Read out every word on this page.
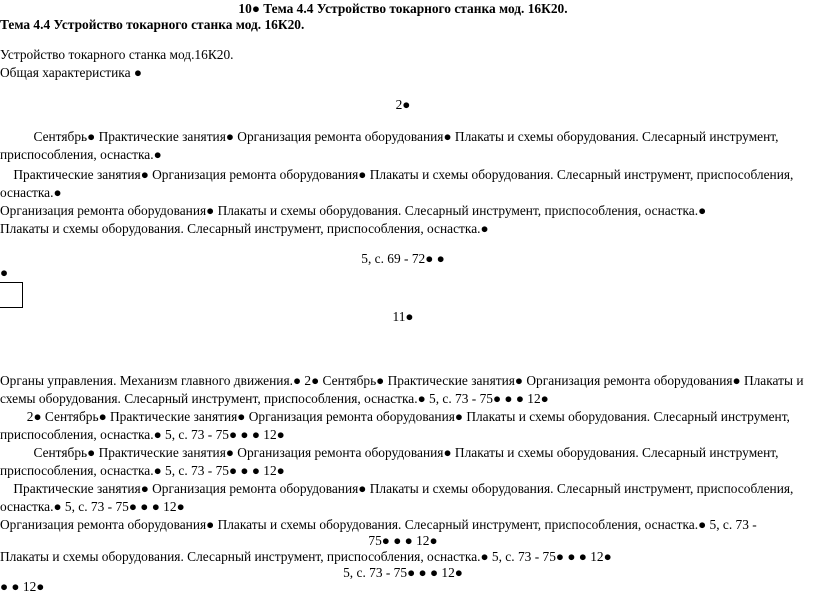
10● Тема 4.4 Устройство токарного станка мод. 16К20.
Тема 4.4 Устройство токарного станка мод. 16К20.
Устройство токарного станка мод.16К20.
Общая характеристика ●
2●
Сентябрь● Практические занятия● Организация ремонта оборудования● Плакаты и схемы оборудования. Слесарный инструмент,
приспособления, оснастка.●
Практические занятия● Организация ремонта оборудования● Плакаты и схемы оборудования. Слесарный инструмент, приспособления,
оснастка.●
Организация ремонта оборудования● Плакаты и схемы оборудования. Слесарный инструмент, приспособления, оснастка.●
Плакаты и схемы оборудования. Слесарный инструмент, приспособления, оснастка.●
5, с. 69 - 72● ●
●
11●
Органы управления. Механизм главного движения.● 2● Сентябрь● Практические занятия● Организация ремонта оборудования● Плакаты и
схемы оборудования. Слесарный инструмент, приспособления, оснастка.● 5, с. 73 - 75● ● ● 12●
2● Сентябрь● Практические занятия● Организация ремонта оборудования● Плакаты и схемы оборудования. Слесарный инструмент,
приспособления, оснастка.● 5, с. 73 - 75● ● ● 12●
Сентябрь● Практические занятия● Организация ремонта оборудования● Плакаты и схемы оборудования. Слесарный инструмент,
приспособления, оснастка.● 5, с. 73 - 75● ● ● 12●
Практические занятия● Организация ремонта оборудования● Плакаты и схемы оборудования. Слесарный инструмент, приспособления,
оснастка.● 5, с. 73 - 75● ● ● 12●
Организация ремонта оборудования● Плакаты и схемы оборудования. Слесарный инструмент, приспособления, оснастка.● 5, с. 73 -
75● ● ● 12●
Плакаты и схемы оборудования. Слесарный инструмент, приспособления, оснастка.● 5, с. 73 - 75● ● ● 12●
5, с. 73 - 75● ● ● 12●
● ● 12●
